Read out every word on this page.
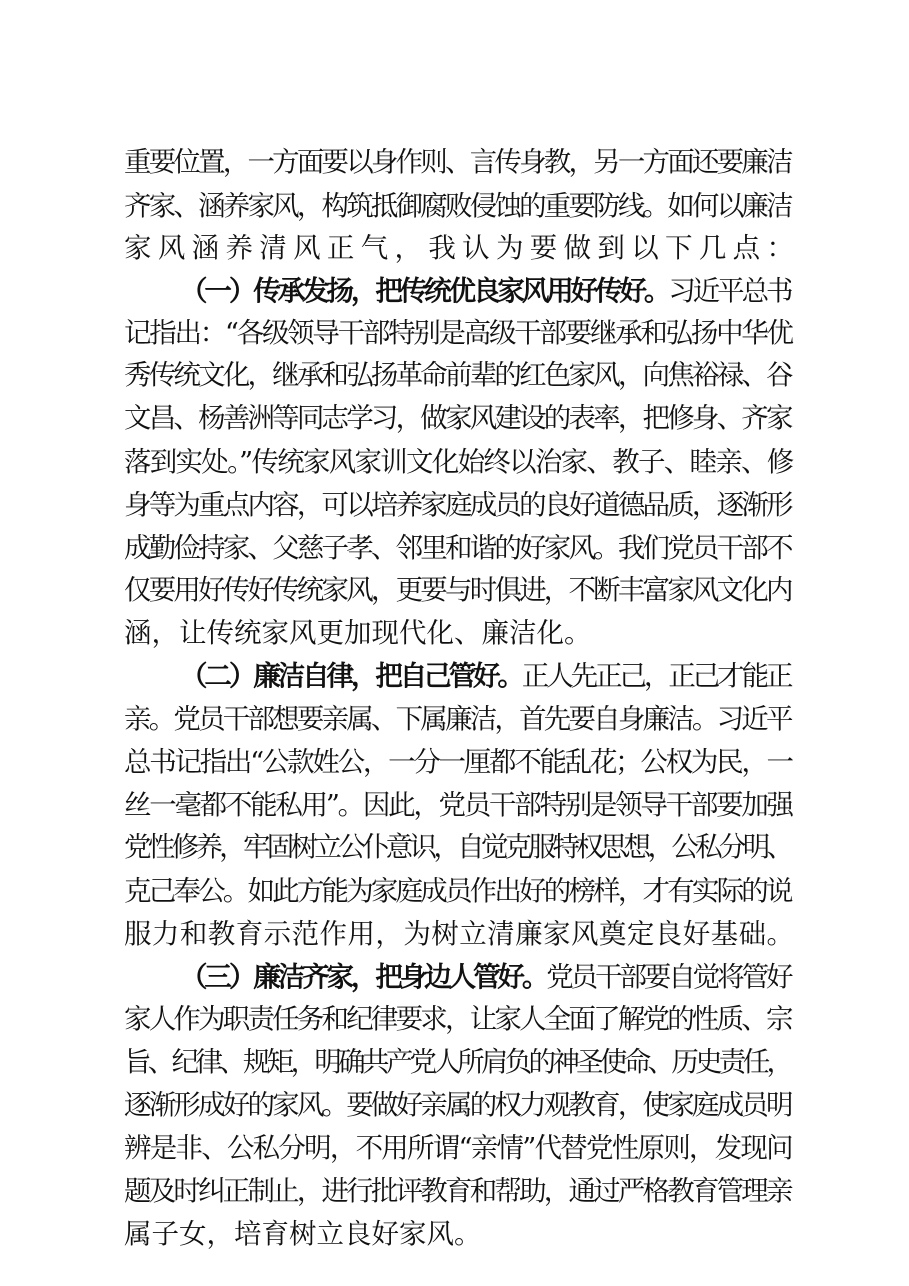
重要位置，一方面要以身作则、言传身教，另一方面还要廉洁
齐家、涵养家风，构筑抵御腐败侵蚀的重要防线。如何以廉洁
家风涵养清风正气，我认为要做到以下几点：
（一）传承发扬，把传统优良家风用好传好。习近平总书
记指出：“各级领导干部特别是高级干部要继承和弘扬中华优
秀传统文化，继承和弘扬革命前辈的红色家风，向焦裕禄、谷
文昌、杨善洲等同志学习，做家风建设的表率，把修身、齐家
落到实处。”传统家风家训文化始终以治家、教子、睦亲、修
身等为重点内容，可以培养家庭成员的良好道德品质，逐渐形
成勤俭持家、父慈子孝、邻里和谐的好家风。我们党员干部不
仅要用好传好传统家风，更要与时俱进，不断丰富家风文化内
涵，让传统家风更加现代化、廉洁化。
（二）廉洁自律，把自己管好。正人先正己，正己才能正
亲。党员干部想要亲属、下属廉洁，首先要自身廉洁。习近平
总书记指出“公款姓公，一分一厘都不能乱花；公权为民，一
丝一毫都不能私用”。因此，党员干部特别是领导干部要加强
党性修养，牢固树立公仆意识，自觉克服特权思想，公私分明、
克己奉公。如此方能为家庭成员作出好的榜样，才有实际的说
服力和教育示范作用，为树立清廉家风奠定良好基础。
（三）廉洁齐家，把身边人管好。党员干部要自觉将管好
家人作为职责任务和纪律要求，让家人全面了解党的性质、宗
旨、纪律、规矩，明确共产党人所肩负的神圣使命、历史责任，
逐渐形成好的家风。要做好亲属的权力观教育，使家庭成员明
辨是非、公私分明，不用所谓“亲情”代替党性原则，发现问
题及时纠正制止，进行批评教育和帮助，通过严格教育管理亲
属子女，培育树立良好家风。
